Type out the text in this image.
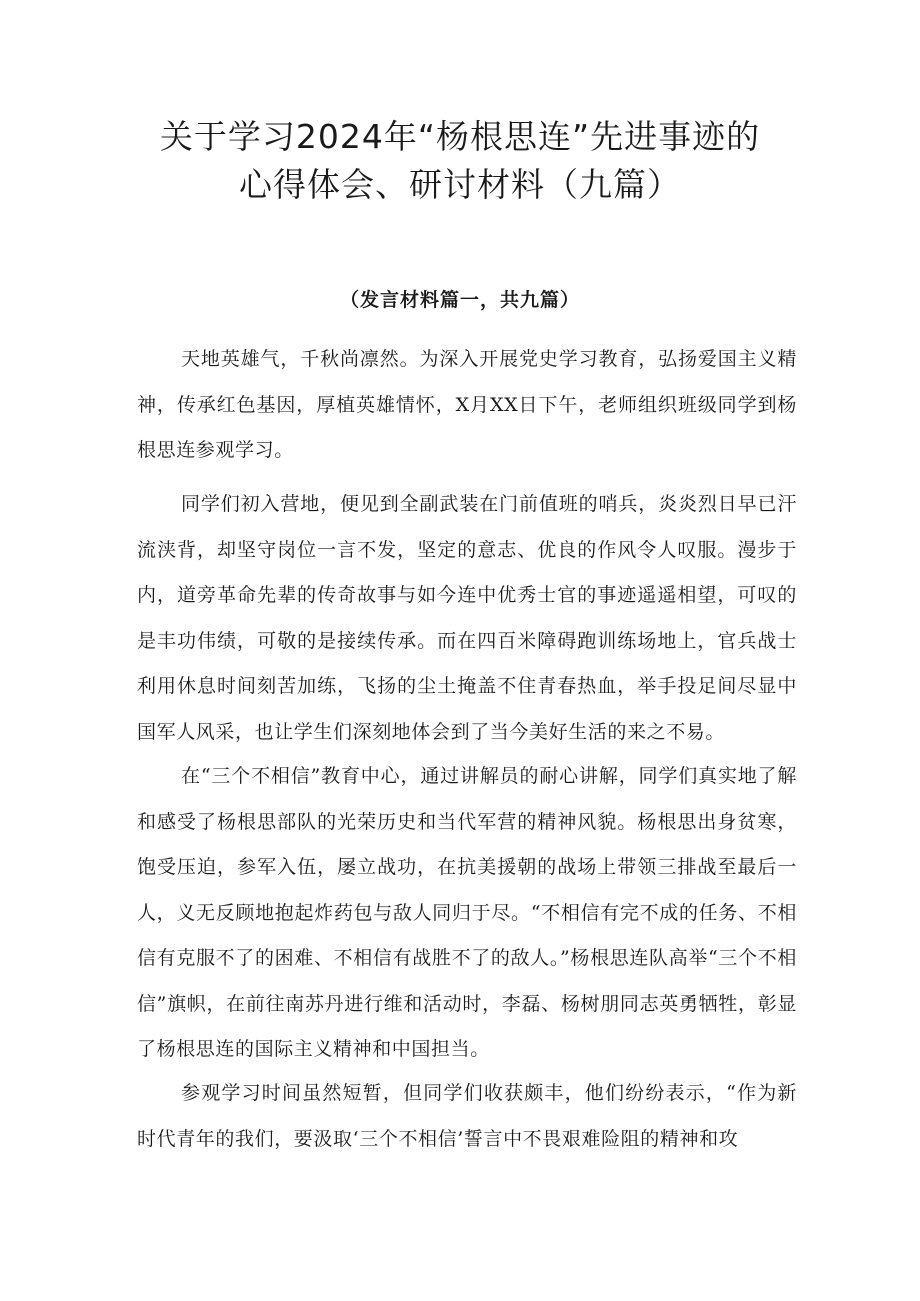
关于学习2024年“杨根思连”先进事迹的
心得体会、研讨材料（九篇）

（发言材料篇一，共九篇）

天地英雄气，千秋尚凛然。为深入开展党史学习教育，弘扬爱国主义精神，传承红色基因，厚植英雄情怀，X月XX日下午，老师组织班级同学到杨根思连参观学习。

同学们初入营地，便见到全副武装在门前值班的哨兵，炎炎烈日早已汗流浃背，却坚守岗位一言不发，坚定的意志、优良的作风令人叹服。漫步于内，道旁革命先辈的传奇故事与如今连中优秀士官的事迹遥遥相望，可叹的是丰功伟绩，可敬的是接续传承。而在四百米障碍跑训练场地上，官兵战士利用休息时间刻苦加练，飞扬的尘土掩盖不住青春热血，举手投足间尽显中国军人风采，也让学生们深刻地体会到了当今美好生活的来之不易。

在“三个不相信”教育中心，通过讲解员的耐心讲解，同学们真实地了解和感受了杨根思部队的光荣历史和当代军营的精神风貌。杨根思出身贫寒，饱受压迫，参军入伍，屡立战功，在抗美援朝的战场上带领三排战至最后一人，义无反顾地抱起炸药包与敌人同归于尽。“不相信有完不成的任务、不相信有克服不了的困难、不相信有战胜不了的敌人。”杨根思连队高举“三个不相信”旗帜，在前往南苏丹进行维和活动时，李磊、杨树朋同志英勇牺牲，彰显了杨根思连的国际主义精神和中国担当。

参观学习时间虽然短暂，但同学们收获颇丰，他们纷纷表示，“作为新时代青年的我们，要汲取‘三个不相信’誓言中不畏艰难险阻的精神和攻
